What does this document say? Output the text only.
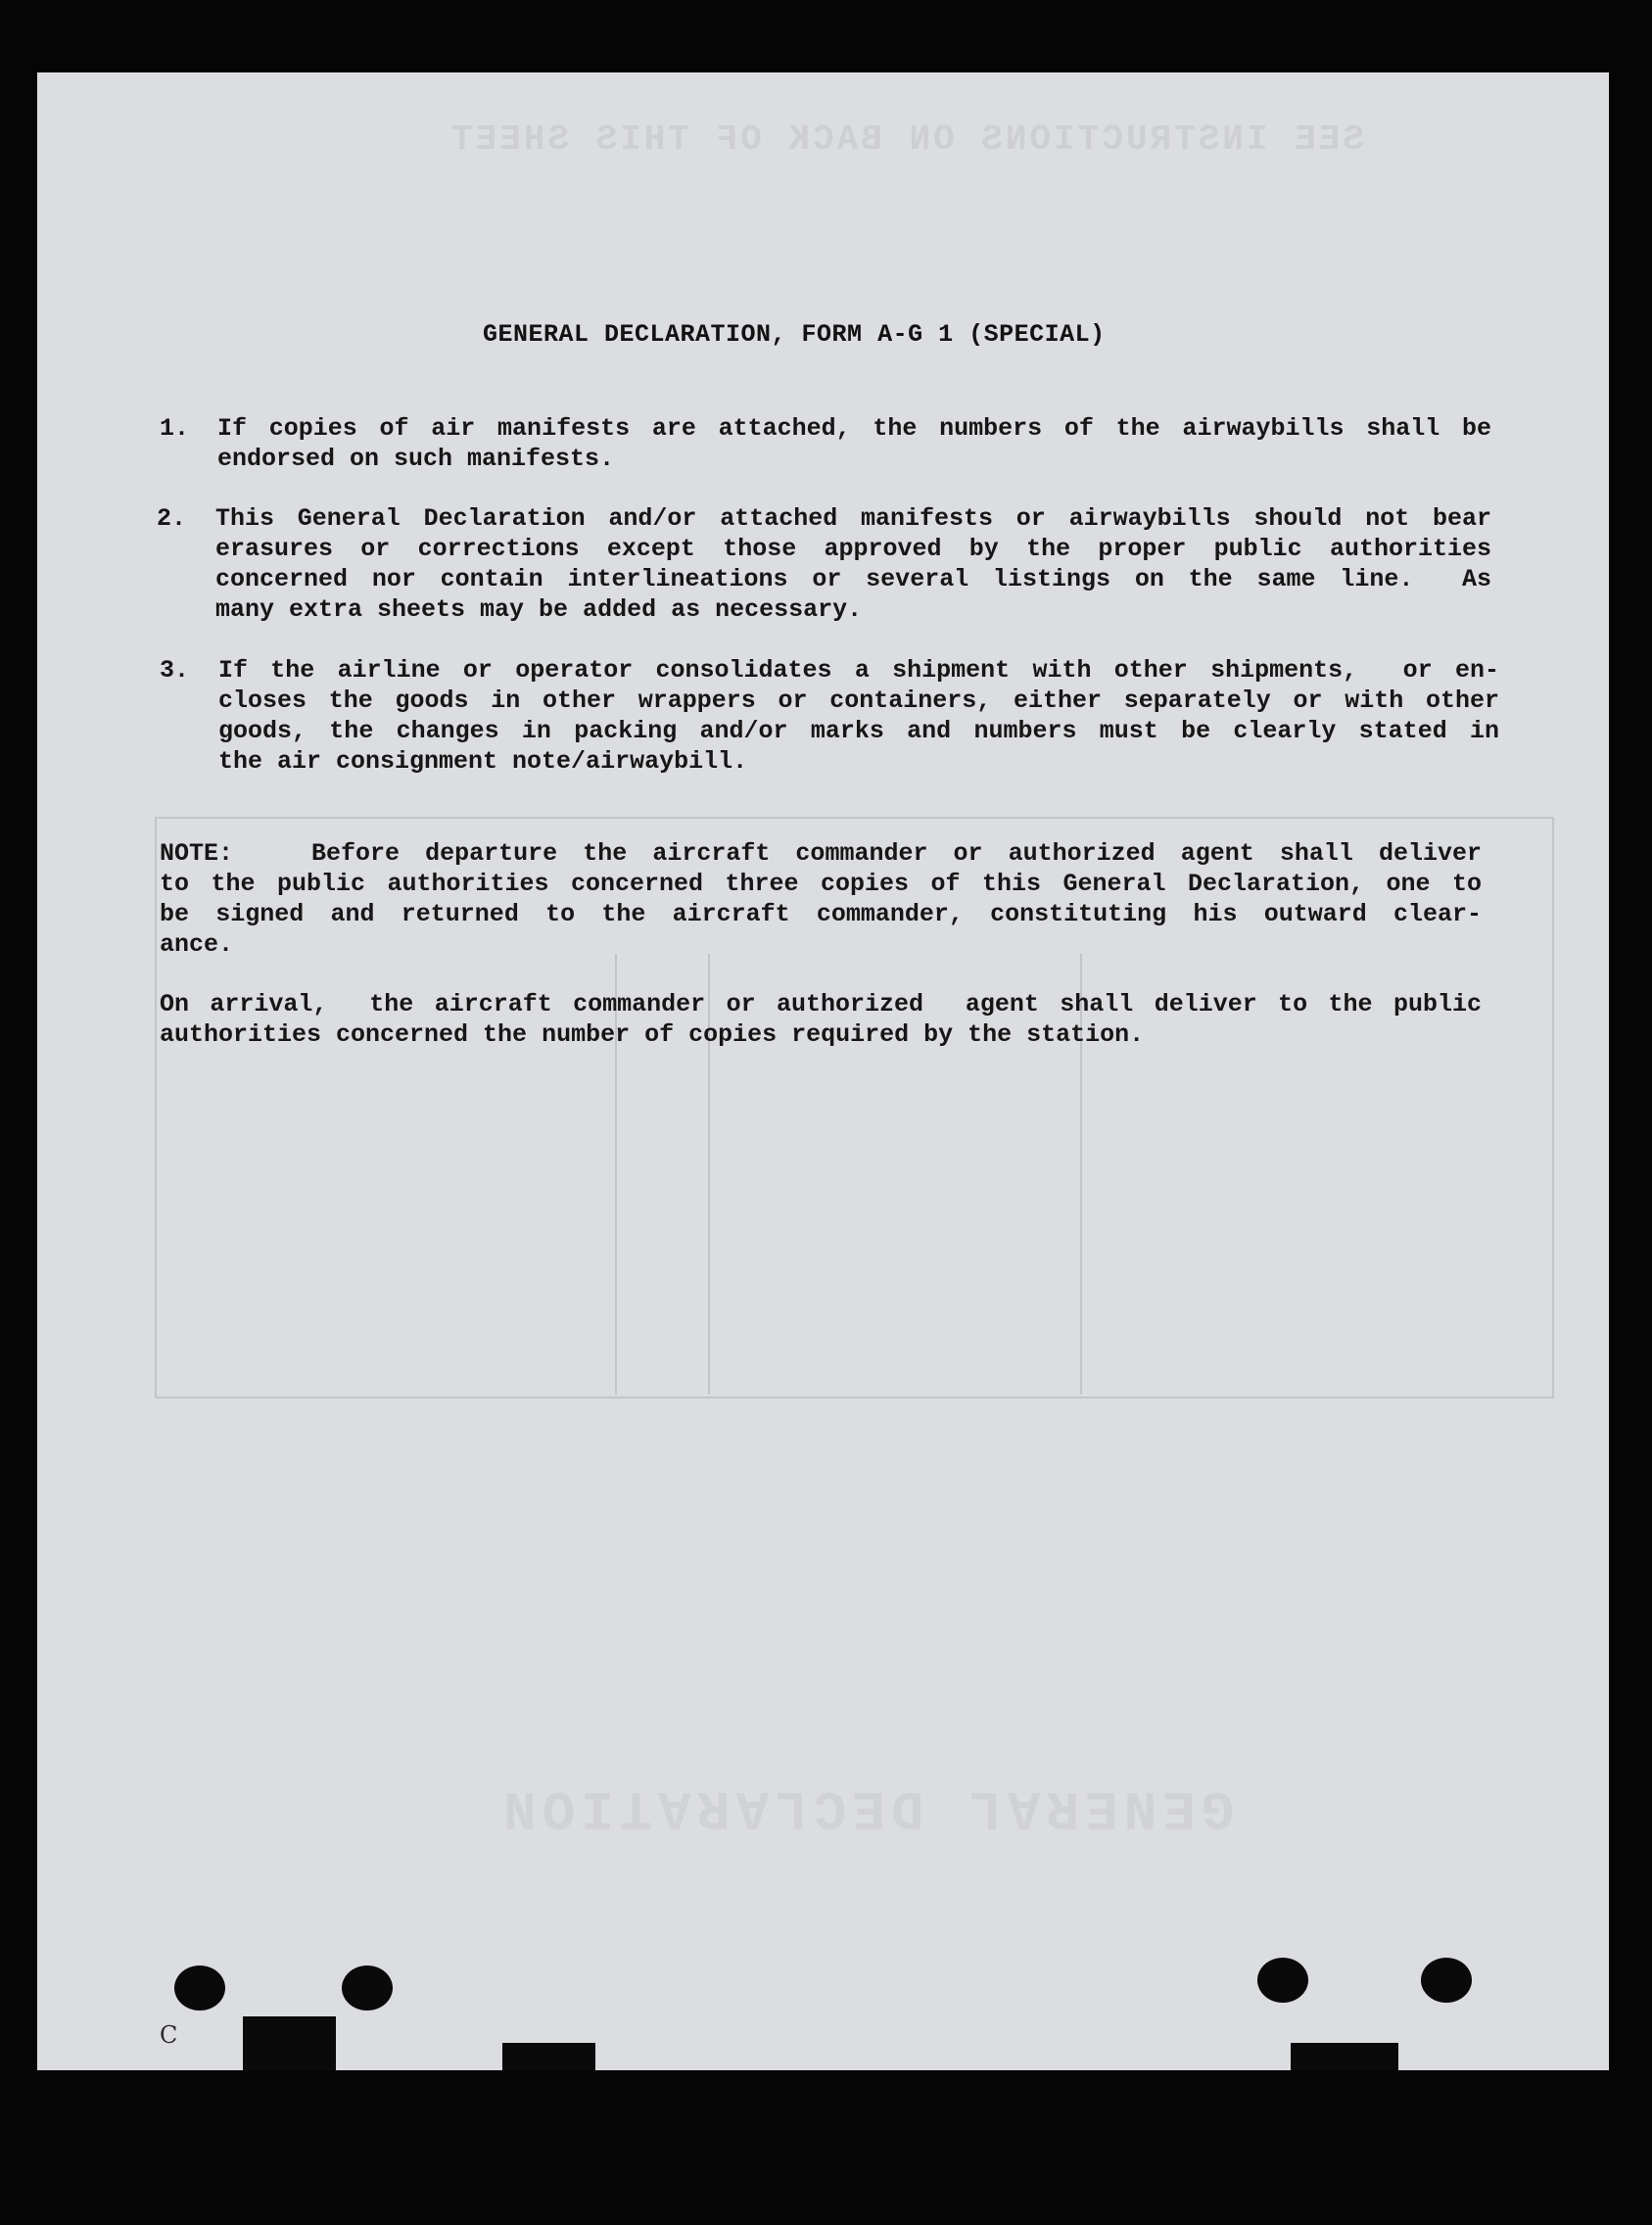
SEE INSTRUCTIONS ON BACK OF THIS SHEET
GENERAL DECLARATION
GENERAL DECLARATION, FORM A-G 1 (SPECIAL)
1. If copies of air manifests are attached, the numbers of the airwaybills shall be
endorsed on such manifests.
2. This General Declaration and/or attached manifests or airwaybills should not bear
erasures or corrections except those approved by the proper public authorities
concerned nor contain interlineations or several listings on the same line.  As
many extra sheets may be added as necessary.
3. If the airline or operator consolidates a shipment with other shipments,  or en-
closes the goods in other wrappers or containers, either separately or with other
goods, the changes in packing and/or marks and numbers must be clearly stated in
the air consignment note/airwaybill.
NOTE:	Before departure the aircraft commander or authorized agent shall deliver
to the public authorities concerned three copies of this General Declaration, one to
be signed and returned to the aircraft commander, constituting his outward clear-
ance.
On arrival,  the aircraft commander or authorized  agent shall deliver to the public
authorities concerned the number of copies required by the station.
C
